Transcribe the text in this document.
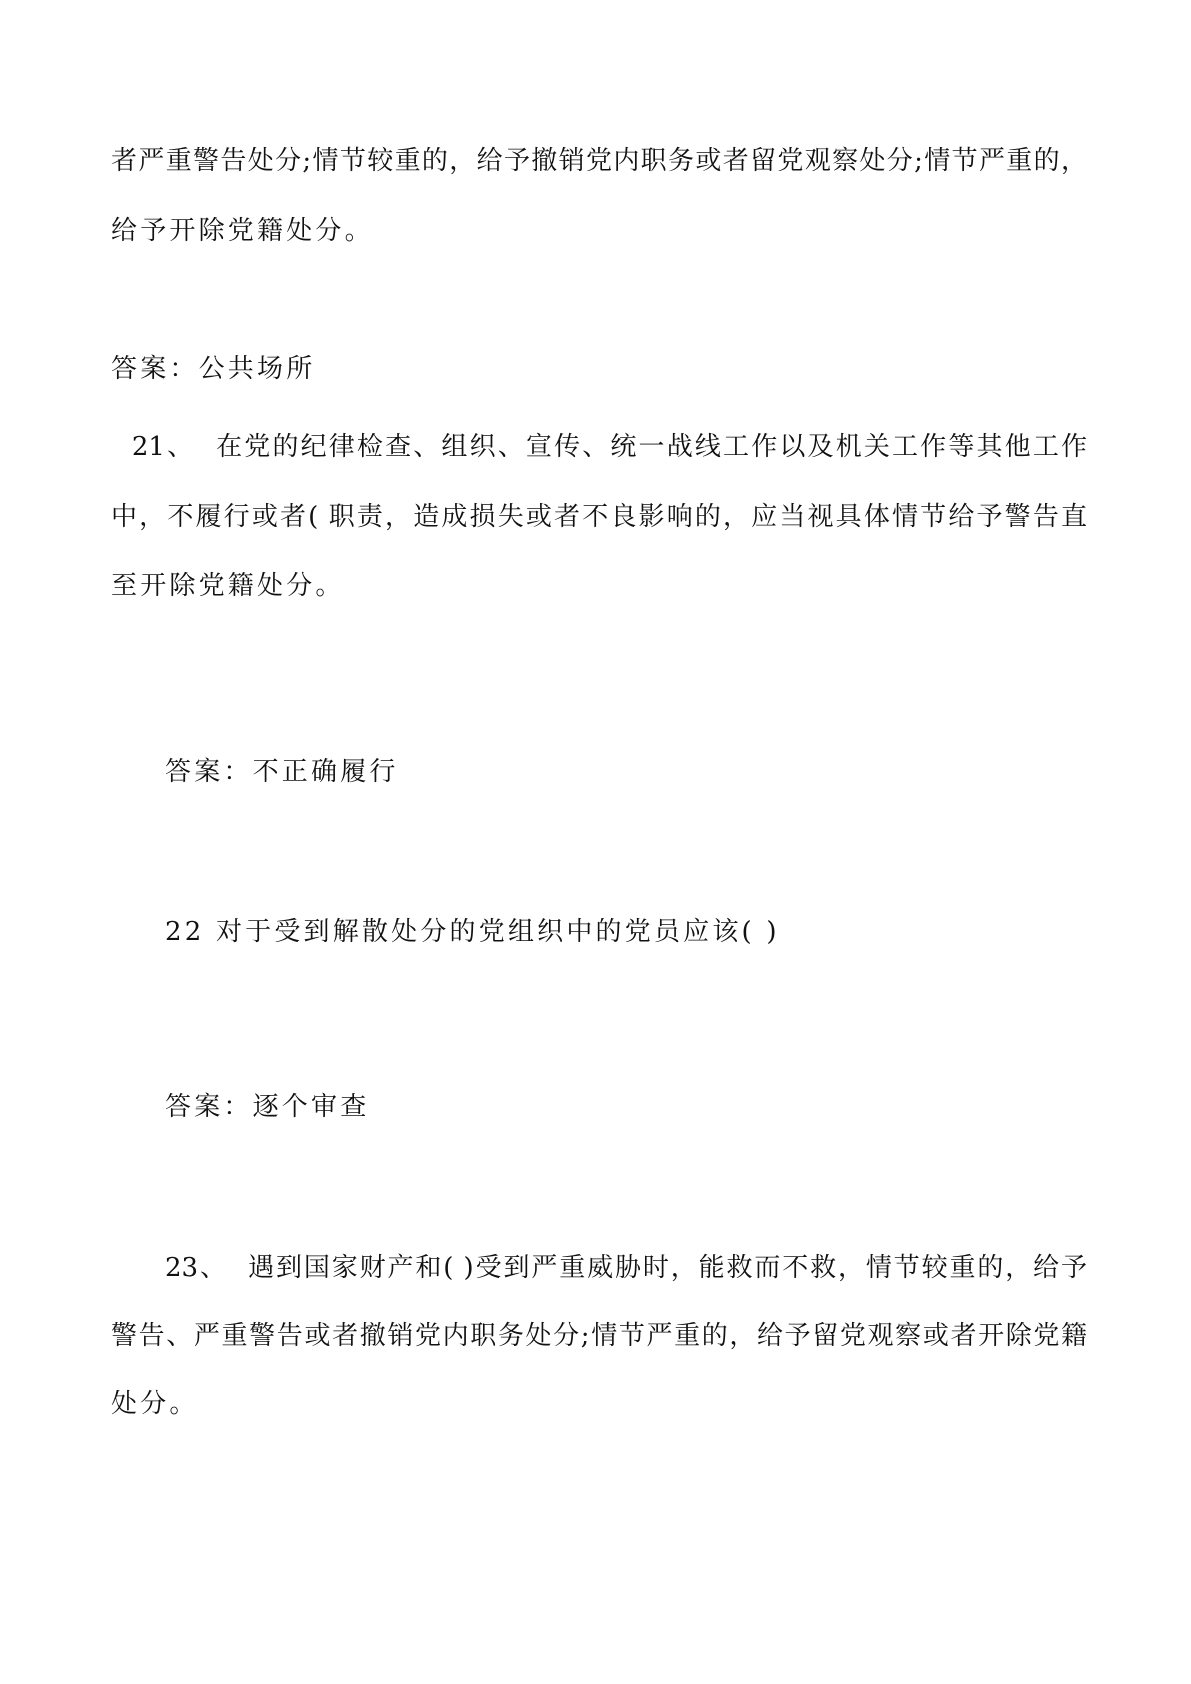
者严重警告处分;情节较重的，给予撤销党内职务或者留党观察处分;情节严重的，
给予开除党籍处分。
答案：公共场所
21、  在党的纪律检查、组织、宣传、统一战线工作以及机关工作等其他工作
中，不履行或者( 职责，造成损失或者不良影响的，应当视具体情节给予警告直
至开除党籍处分。
答案：不正确履行
22 对于受到解散处分的党组织中的党员应该( )
答案：逐个审查
23、  遇到国家财产和( )受到严重威胁时，能救而不救，情节较重的，给予
警告、严重警告或者撤销党内职务处分;情节严重的，给予留党观察或者开除党籍
处分。
